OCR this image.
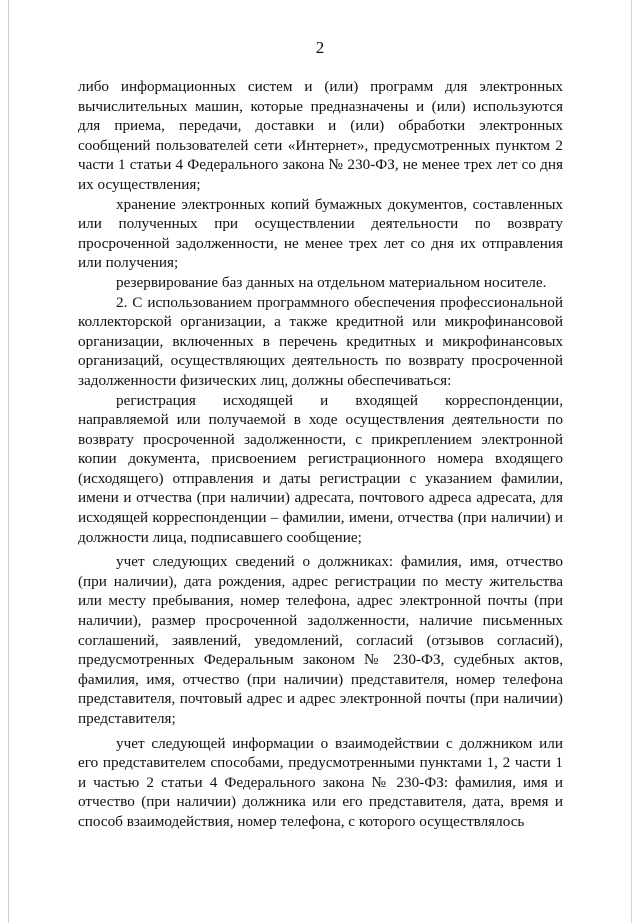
2

либо информационных систем и (или) программ для электронных вычислительных машин, которые предназначены и (или) используются для приема, передачи, доставки и (или) обработки электронных сообщений пользователей сети «Интернет», предусмотренных пунктом 2 части 1 статьи 4 Федерального закона № 230-ФЗ, не менее трех лет со дня их осуществления;

хранение электронных копий бумажных документов, составленных или полученных при осуществлении деятельности по возврату просроченной задолженности, не менее трех лет со дня их отправления или получения;

резервирование баз данных на отдельном материальном носителе.

2. С использованием программного обеспечения профессиональной коллекторской организации, а также кредитной или микрофинансовой организации, включенных в перечень кредитных и микрофинансовых организаций, осуществляющих деятельность по возврату просроченной задолженности физических лиц, должны обеспечиваться:

регистрация исходящей и входящей корреспонденции, направляемой или получаемой в ходе осуществления деятельности по возврату просроченной задолженности, с прикреплением электронной копии документа, присвоением регистрационного номера входящего (исходящего) отправления и даты регистрации с указанием фамилии, имени и отчества (при наличии) адресата, почтового адреса адресата, для исходящей корреспонденции – фамилии, имени, отчества (при наличии) и должности лица, подписавшего сообщение;

учет следующих сведений о должниках: фамилия, имя, отчество (при наличии), дата рождения, адрес регистрации по месту жительства или месту пребывания, номер телефона, адрес электронной почты (при наличии), размер просроченной задолженности, наличие письменных соглашений, заявлений, уведомлений, согласий (отзывов согласий), предусмотренных Федеральным законом № 230-ФЗ, судебных актов, фамилия, имя, отчество (при наличии) представителя, номер телефона представителя, почтовый адрес и адрес электронной почты (при наличии) представителя;

учет следующей информации о взаимодействии с должником или его представителем способами, предусмотренными пунктами 1, 2 части 1 и частью 2 статьи 4 Федерального закона № 230-ФЗ: фамилия, имя и отчество (при наличии) должника или его представителя, дата, время и способ взаимодействия, номер телефона, с которого осуществлялось
